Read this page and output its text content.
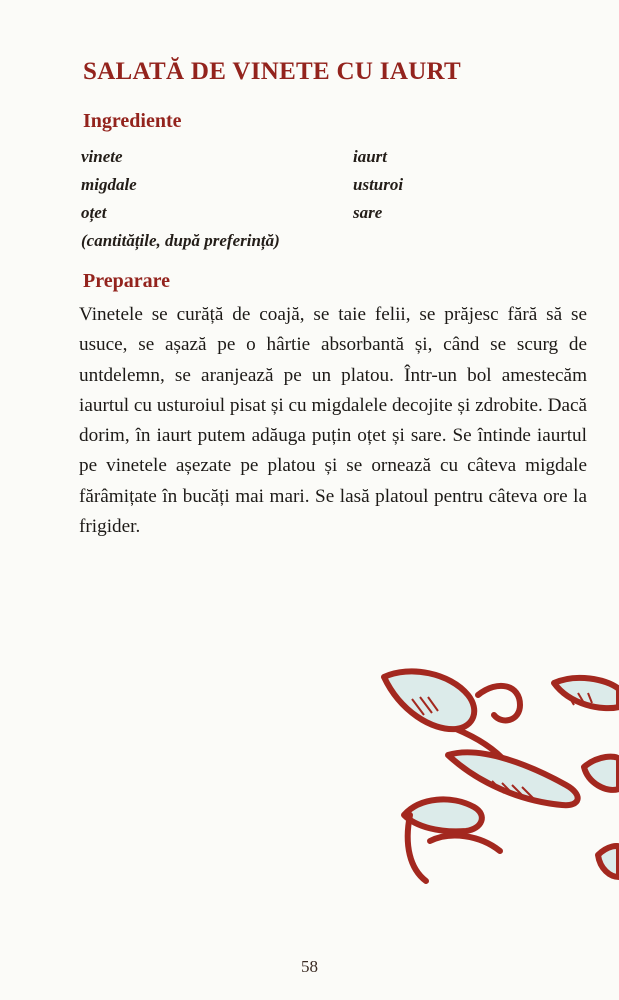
SALATĂ DE VINETE CU IAURT
Ingrediente
vinete
migdale
oțet
(cantitățile, după preferință)
iaurt
usturoi
sare
Preparare

Vinetele se curăță de coajă, se taie felii, se prăjesc fără să se usuce, se așază pe o hârtie absorbantă și, când se scurg de untdelemn, se aranjează pe un platou. Într-un bol amestecăm iaurtul cu usturoiul pisat și cu migdalele decojite și zdrobite. Dacă dorim, în iaurt putem adăuga puțin oțet și sare. Se întinde iaurtul pe vinetele așezate pe platou și se ornează cu câteva migdale fărâmițate în bucăți mai mari. Se lasă platoul pentru câteva ore la frigider.

58
